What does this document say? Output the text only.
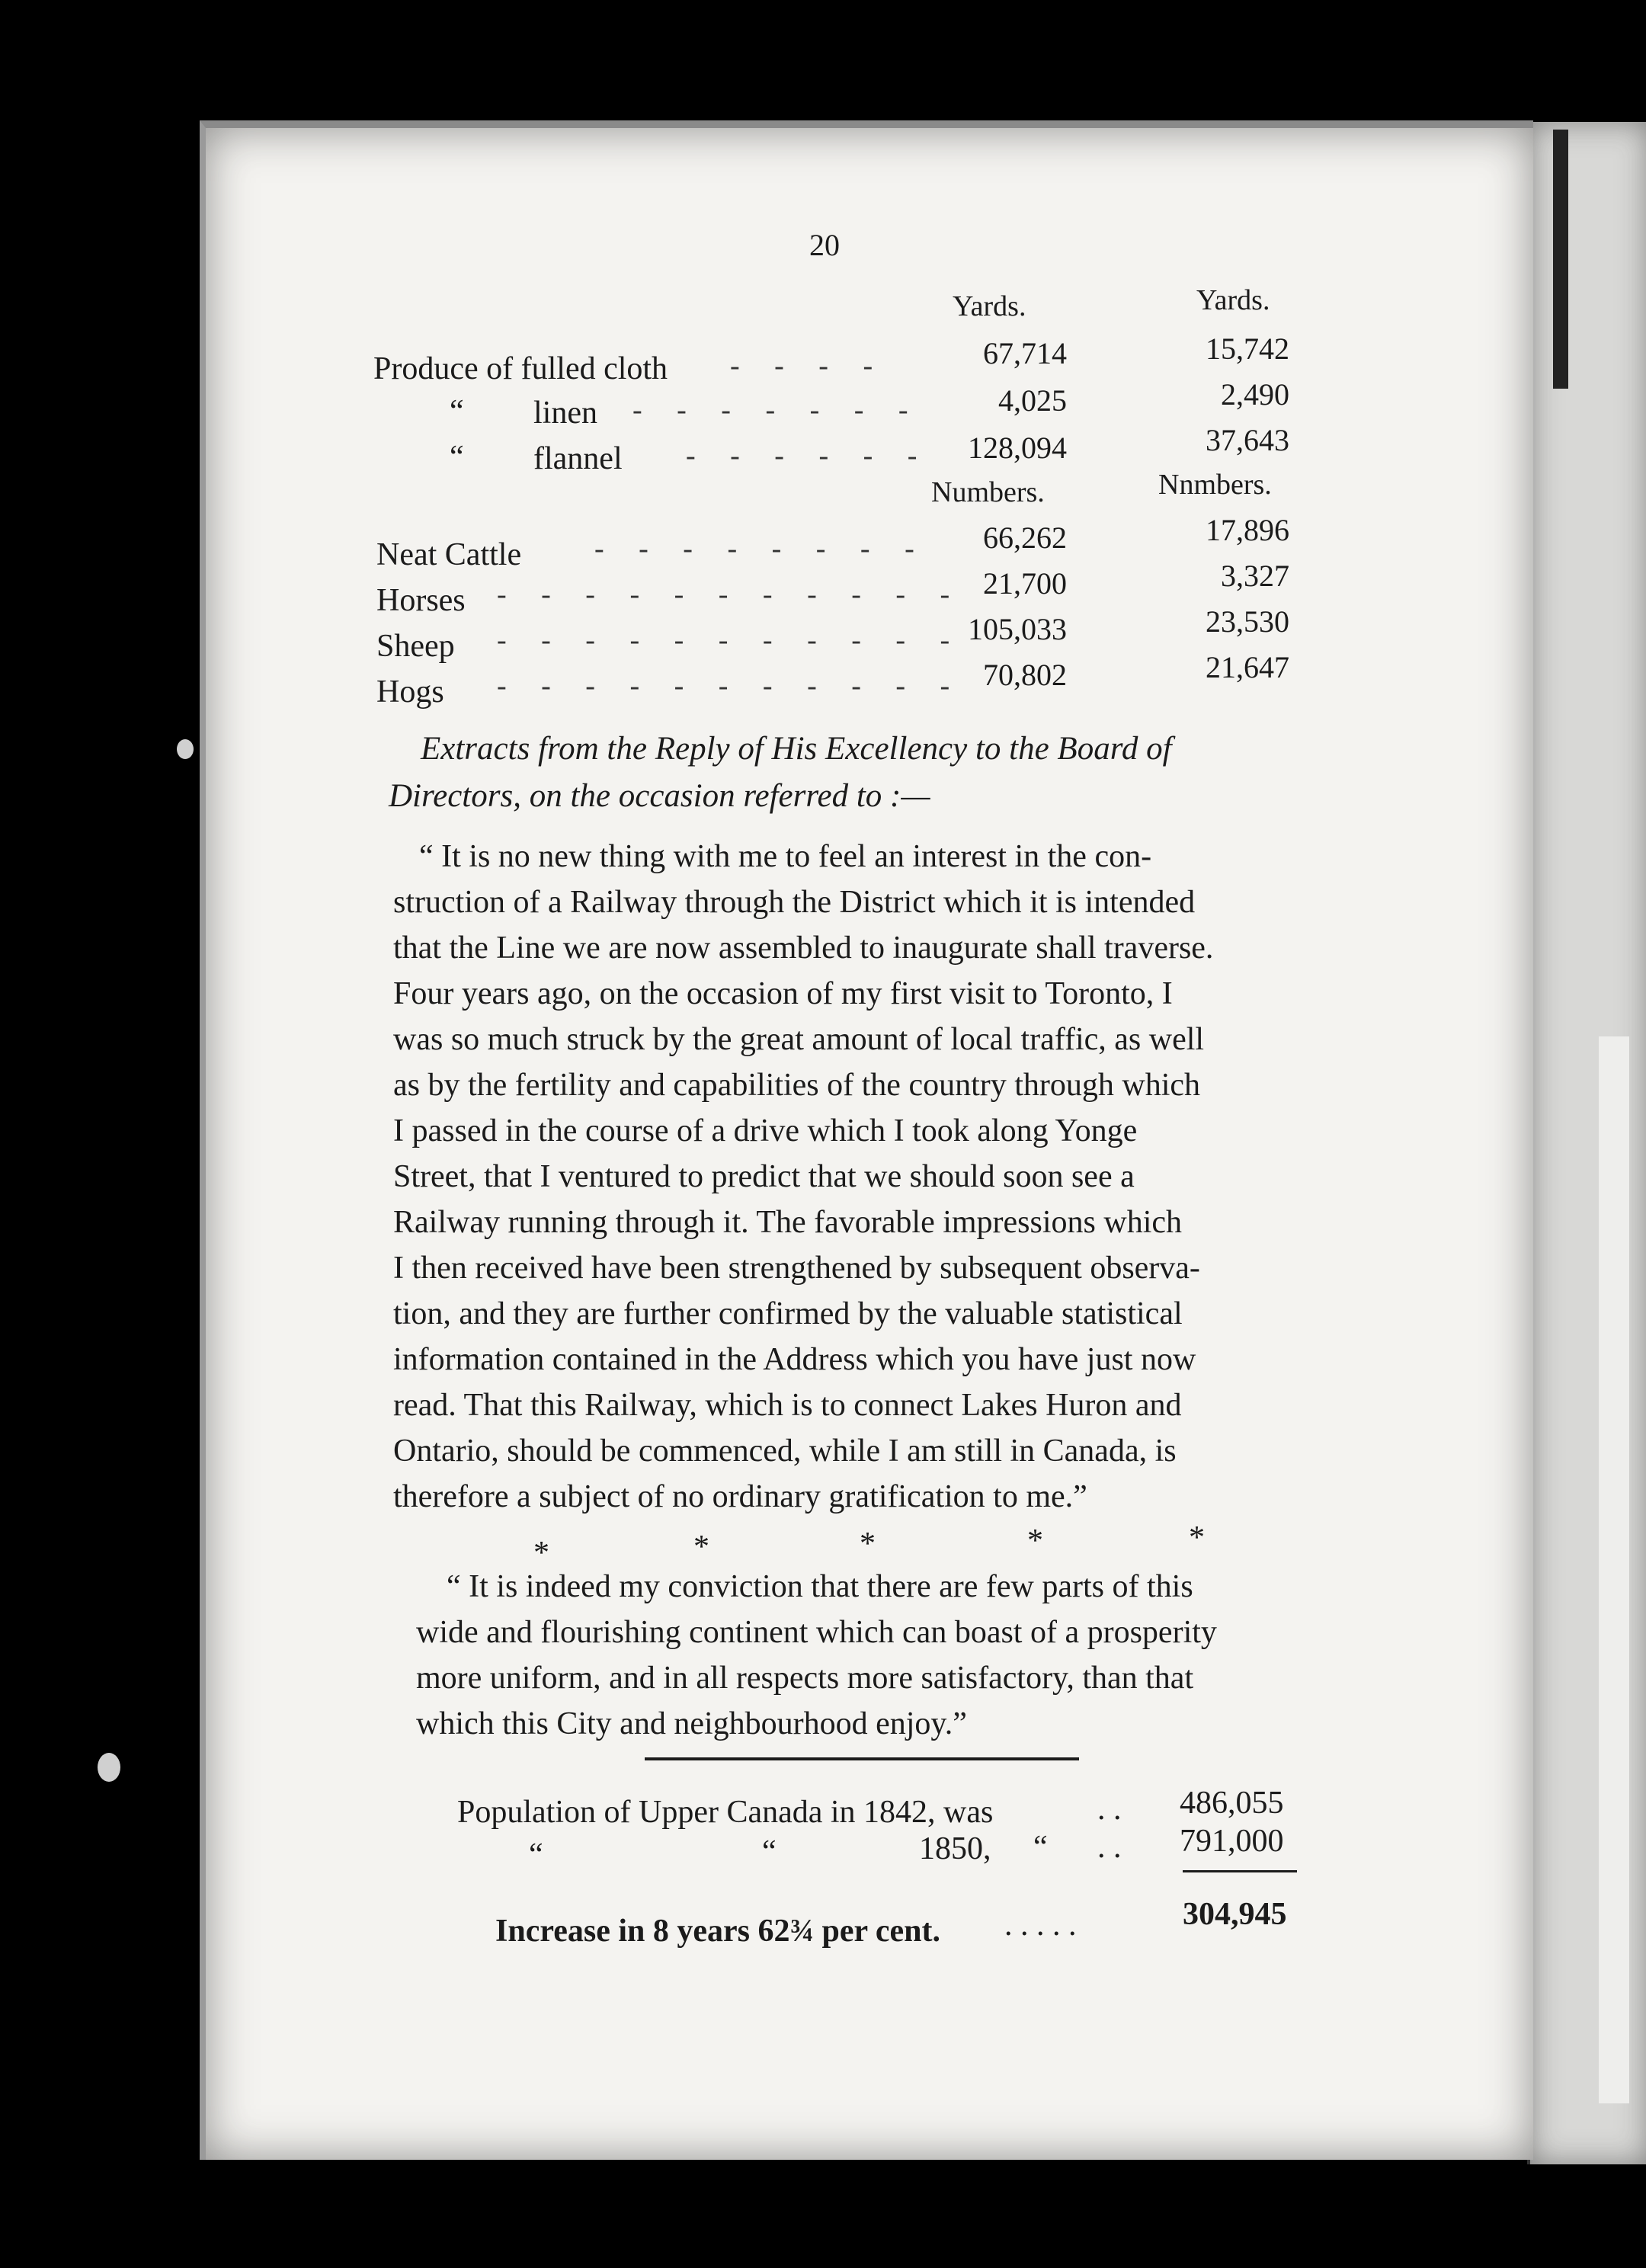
20
Yards.	Yards.
Produce of fulled cloth - - - -	67,714	15,742
“ linen - - - - - - -	4,025	2,490
“ flannel - - - - - -	128,094	37,643
Numbers.	Nnmbers.
Neat Cattle	- - - - - - - -	66,262	17,896
Horses - - - - - - - - - - - 21,700	3,327
Sheep - - - - - - - - - - - 105,033	23,530
Hogs - - - - - - - - - - - 70,802	21,647
Extracts from the Reply of His Excellency to the Board of
Directors, on the occasion referred to :—
“ It is no new thing with me to feel an interest in the con-
struction of a Railway through the District which it is intended
that the Line we are now assembled to inaugurate shall traverse.
Four years ago, on the occasion of my first visit to Toronto, I
was so much struck by the great amount of local traffic, as well
as by the fertility and capabilities of the country through which
I passed in the course of a drive which I took along Yonge
Street, that I ventured to predict that we should soon see a
Railway running through it. The favorable impressions which
I then received have been strengthened by subsequent observa-
tion, and they are further confirmed by the valuable statistical
information contained in the Address which you have just now
read. That this Railway, which is to connect Lakes Huron and
Ontario, should be commenced, while I am still in Canada, is
therefore a subject of no ordinary gratification to me.”
*	*	*	*	*
“ It is indeed my conviction that there are few parts of this
wide and flourishing continent which can boast of a prosperity
more uniform, and in all respects more satisfactory, than that
which this City and neighbourhood enjoy.”
Population of Upper Canada in 1842, was	. . 486,055
“	“	1850, “ . . 791,000
Increase in 8 years 62¾ per cent. . . . . .	304,945
